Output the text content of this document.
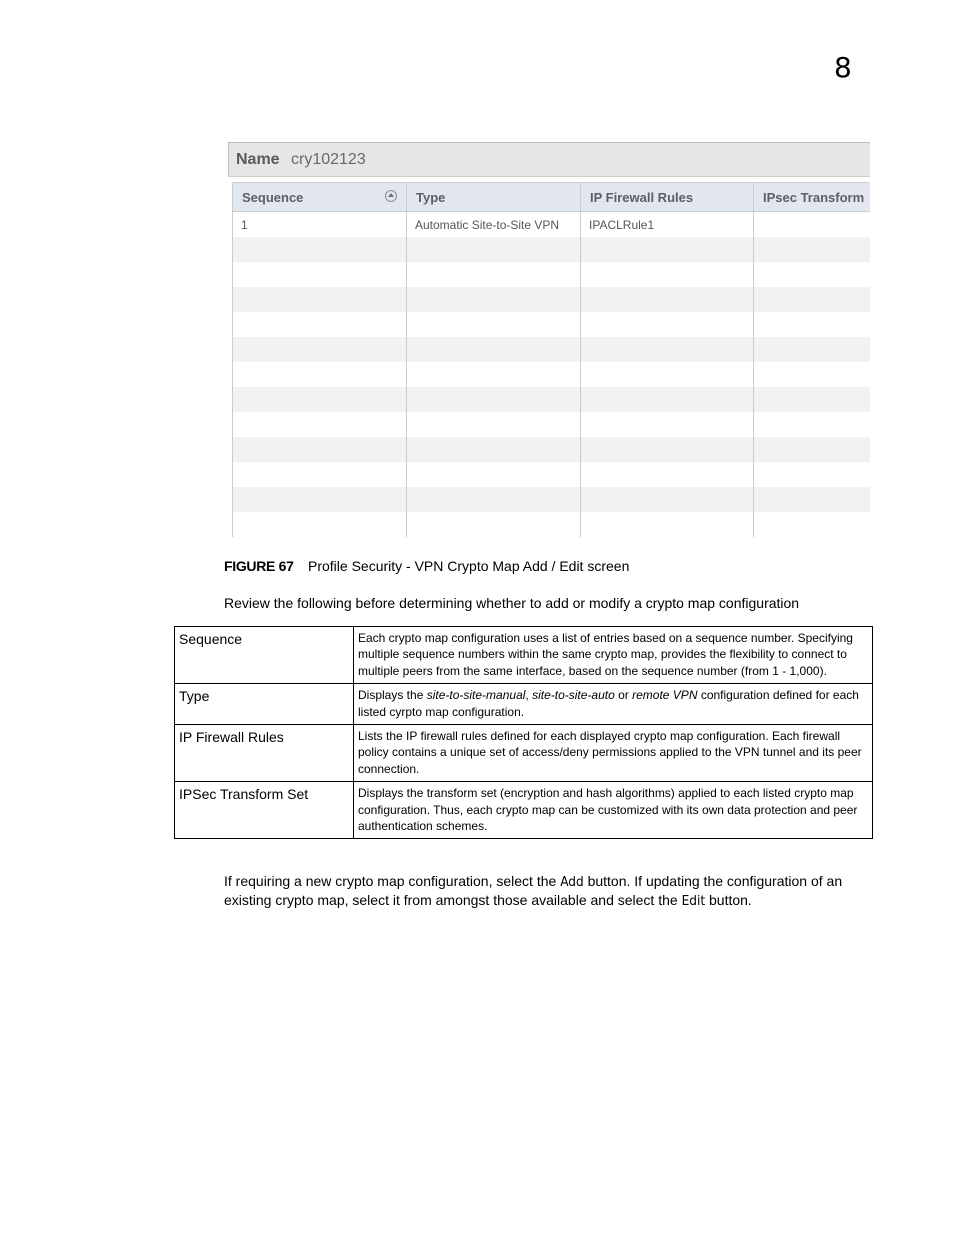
8
Name cry102123
Sequence	Type	IP Firewall Rules	IPsec Transform
1	Automatic Site-to-Site VPN	IPACLRule1	

FIGURE 67 Profile Security - VPN Crypto Map Add / Edit screen
Review the following before determining whether to add or modify a crypto map configuration
Sequence	Each crypto map configuration uses a list of entries based on a sequence number. Specifying multiple sequence numbers within the same crypto map, provides the flexibility to connect to multiple peers from the same interface, based on the sequence number (from 1 - 1,000).
Type	Displays the site-to-site-manual, site-to-site-auto or remote VPN configuration defined for each listed cyrpto map configuration.
IP Firewall Rules	Lists the IP firewall rules defined for each displayed crypto map configuration. Each firewall policy contains a unique set of access/deny permissions applied to the VPN tunnel and its peer connection.
IPSec Transform Set	Displays the transform set (encryption and hash algorithms) applied to each listed crypto map configuration. Thus, each crypto map can be customized with its own data protection and peer authentication schemes.
If requiring a new crypto map configuration, select the Add button. If updating the configuration of an existing crypto map, select it from amongst those available and select the Edit button.
